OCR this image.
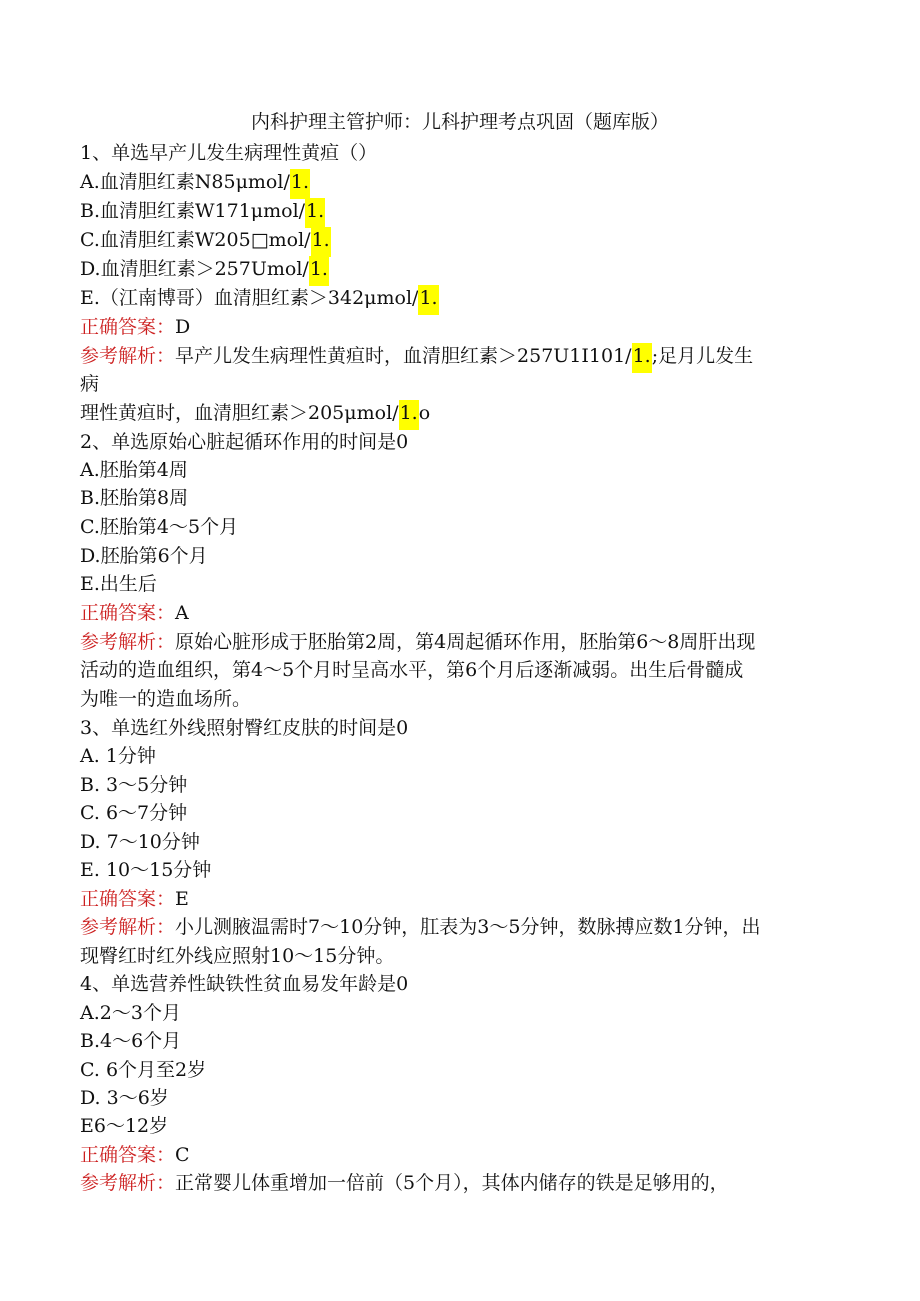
内科护理主管护师：儿科护理考点巩固（题库版）
1、单选早产儿发生病理性黄疸（）
A.血清胆红素N85μmol/1.
B.血清胆红素W171μmol/1.
C.血清胆红素W205□mol/1.
D.血清胆红素＞257Umol/1.
E.（江南博哥）血清胆红素＞342μmol/1.
正确答案：D
参考解析：早产儿发生病理性黄疸时，血清胆红素＞257U1I101/1.;足月儿发生
病
理性黄疸时，血清胆红素＞205μmol/1.o
2、单选原始心脏起循环作用的时间是0
A.胚胎第4周
B.胚胎第8周
C.胚胎第4～5个月
D.胚胎第6个月
E.出生后
正确答案：A
参考解析：原始心脏形成于胚胎第2周，第4周起循环作用，胚胎第6～8周肝出现
活动的造血组织，第4～5个月时呈高水平，第6个月后逐渐减弱。出生后骨髓成
为唯一的造血场所。
3、单选红外线照射臀红皮肤的时间是0
A. 1分钟
B. 3～5分钟
C. 6～7分钟
D. 7～10分钟
E. 10～15分钟
正确答案：E
参考解析：小儿测腋温需时7～10分钟，肛表为3～5分钟，数脉搏应数1分钟，出
现臀红时红外线应照射10～15分钟。
4、单选营养性缺铁性贫血易发年龄是0
A.2～3个月
B.4～6个月
C. 6个月至2岁
D. 3～6岁
E6～12岁
正确答案：C
参考解析：正常婴儿体重增加一倍前（5个月），其体内储存的铁是足够用的，
